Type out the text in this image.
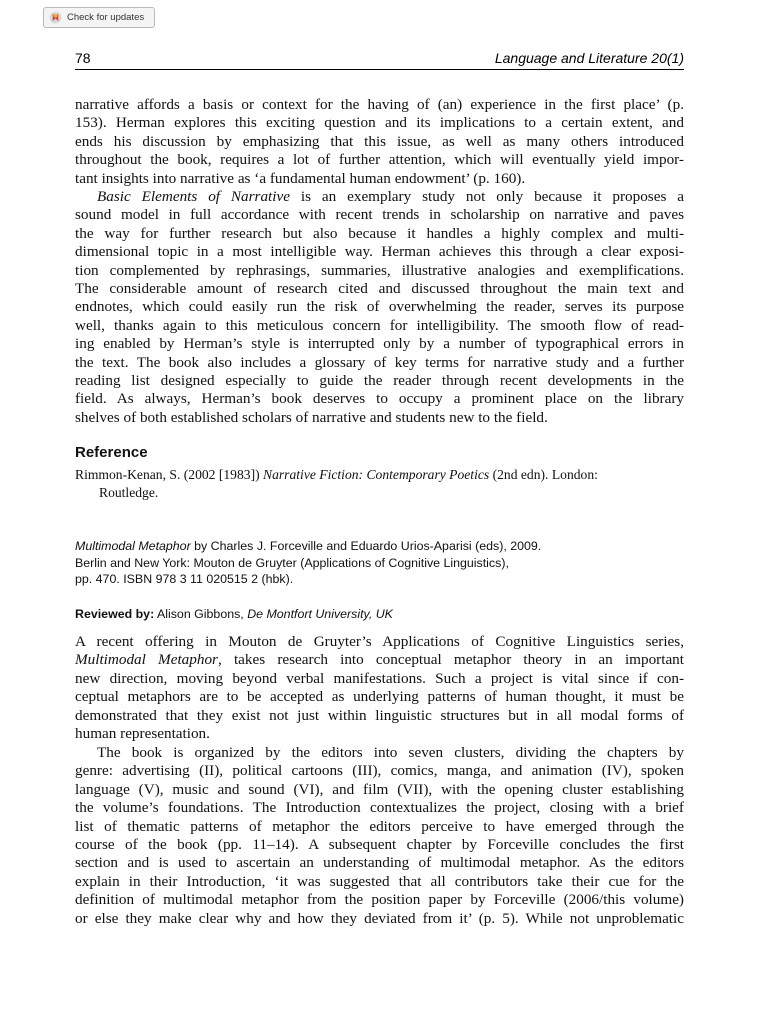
Check for updates
78	Language and Literature 20(1)
narrative affords a basis or context for the having of (an) experience in the first place’ (p.
153). Herman explores this exciting question and its implications to a certain extent, and
ends his discussion by emphasizing that this issue, as well as many others introduced
throughout the book, requires a lot of further attention, which will eventually yield impor-
tant insights into narrative as ‘a fundamental human endowment’ (p. 160).
Basic Elements of Narrative is an exemplary study not only because it proposes a
sound model in full accordance with recent trends in scholarship on narrative and paves
the way for further research but also because it handles a highly complex and multi-
dimensional topic in a most intelligible way. Herman achieves this through a clear exposi-
tion complemented by rephrasings, summaries, illustrative analogies and exemplifications.
The considerable amount of research cited and discussed throughout the main text and
endnotes, which could easily run the risk of overwhelming the reader, serves its purpose
well, thanks again to this meticulous concern for intelligibility. The smooth flow of read-
ing enabled by Herman’s style is interrupted only by a number of typographical errors in
the text. The book also includes a glossary of key terms for narrative study and a further
reading list designed especially to guide the reader through recent developments in the
field. As always, Herman’s book deserves to occupy a prominent place on the library
shelves of both established scholars of narrative and students new to the field.
Reference
Rimmon-Kenan, S. (2002 [1983]) Narrative Fiction: Contemporary Poetics (2nd edn). London:
Routledge.
Multimodal Metaphor by Charles J. Forceville and Eduardo Urios-Aparisi (eds), 2009.
Berlin and New York: Mouton de Gruyter (Applications of Cognitive Linguistics),
pp. 470. ISBN 978 3 11 020515 2 (hbk).
Reviewed by: Alison Gibbons, De Montfort University, UK
A recent offering in Mouton de Gruyter’s Applications of Cognitive Linguistics series,
Multimodal Metaphor, takes research into conceptual metaphor theory in an important
new direction, moving beyond verbal manifestations. Such a project is vital since if con-
ceptual metaphors are to be accepted as underlying patterns of human thought, it must be
demonstrated that they exist not just within linguistic structures but in all modal forms of
human representation.
The book is organized by the editors into seven clusters, dividing the chapters by
genre: advertising (II), political cartoons (III), comics, manga, and animation (IV), spoken
language (V), music and sound (VI), and film (VII), with the opening cluster establishing
the volume’s foundations. The Introduction contextualizes the project, closing with a brief
list of thematic patterns of metaphor the editors perceive to have emerged through the
course of the book (pp. 11–14). A subsequent chapter by Forceville concludes the first
section and is used to ascertain an understanding of multimodal metaphor. As the editors
explain in their Introduction, ‘it was suggested that all contributors take their cue for the
definition of multimodal metaphor from the position paper by Forceville (2006/this volume)
or else they make clear why and how they deviated from it’ (p. 5). While not unproblematic
